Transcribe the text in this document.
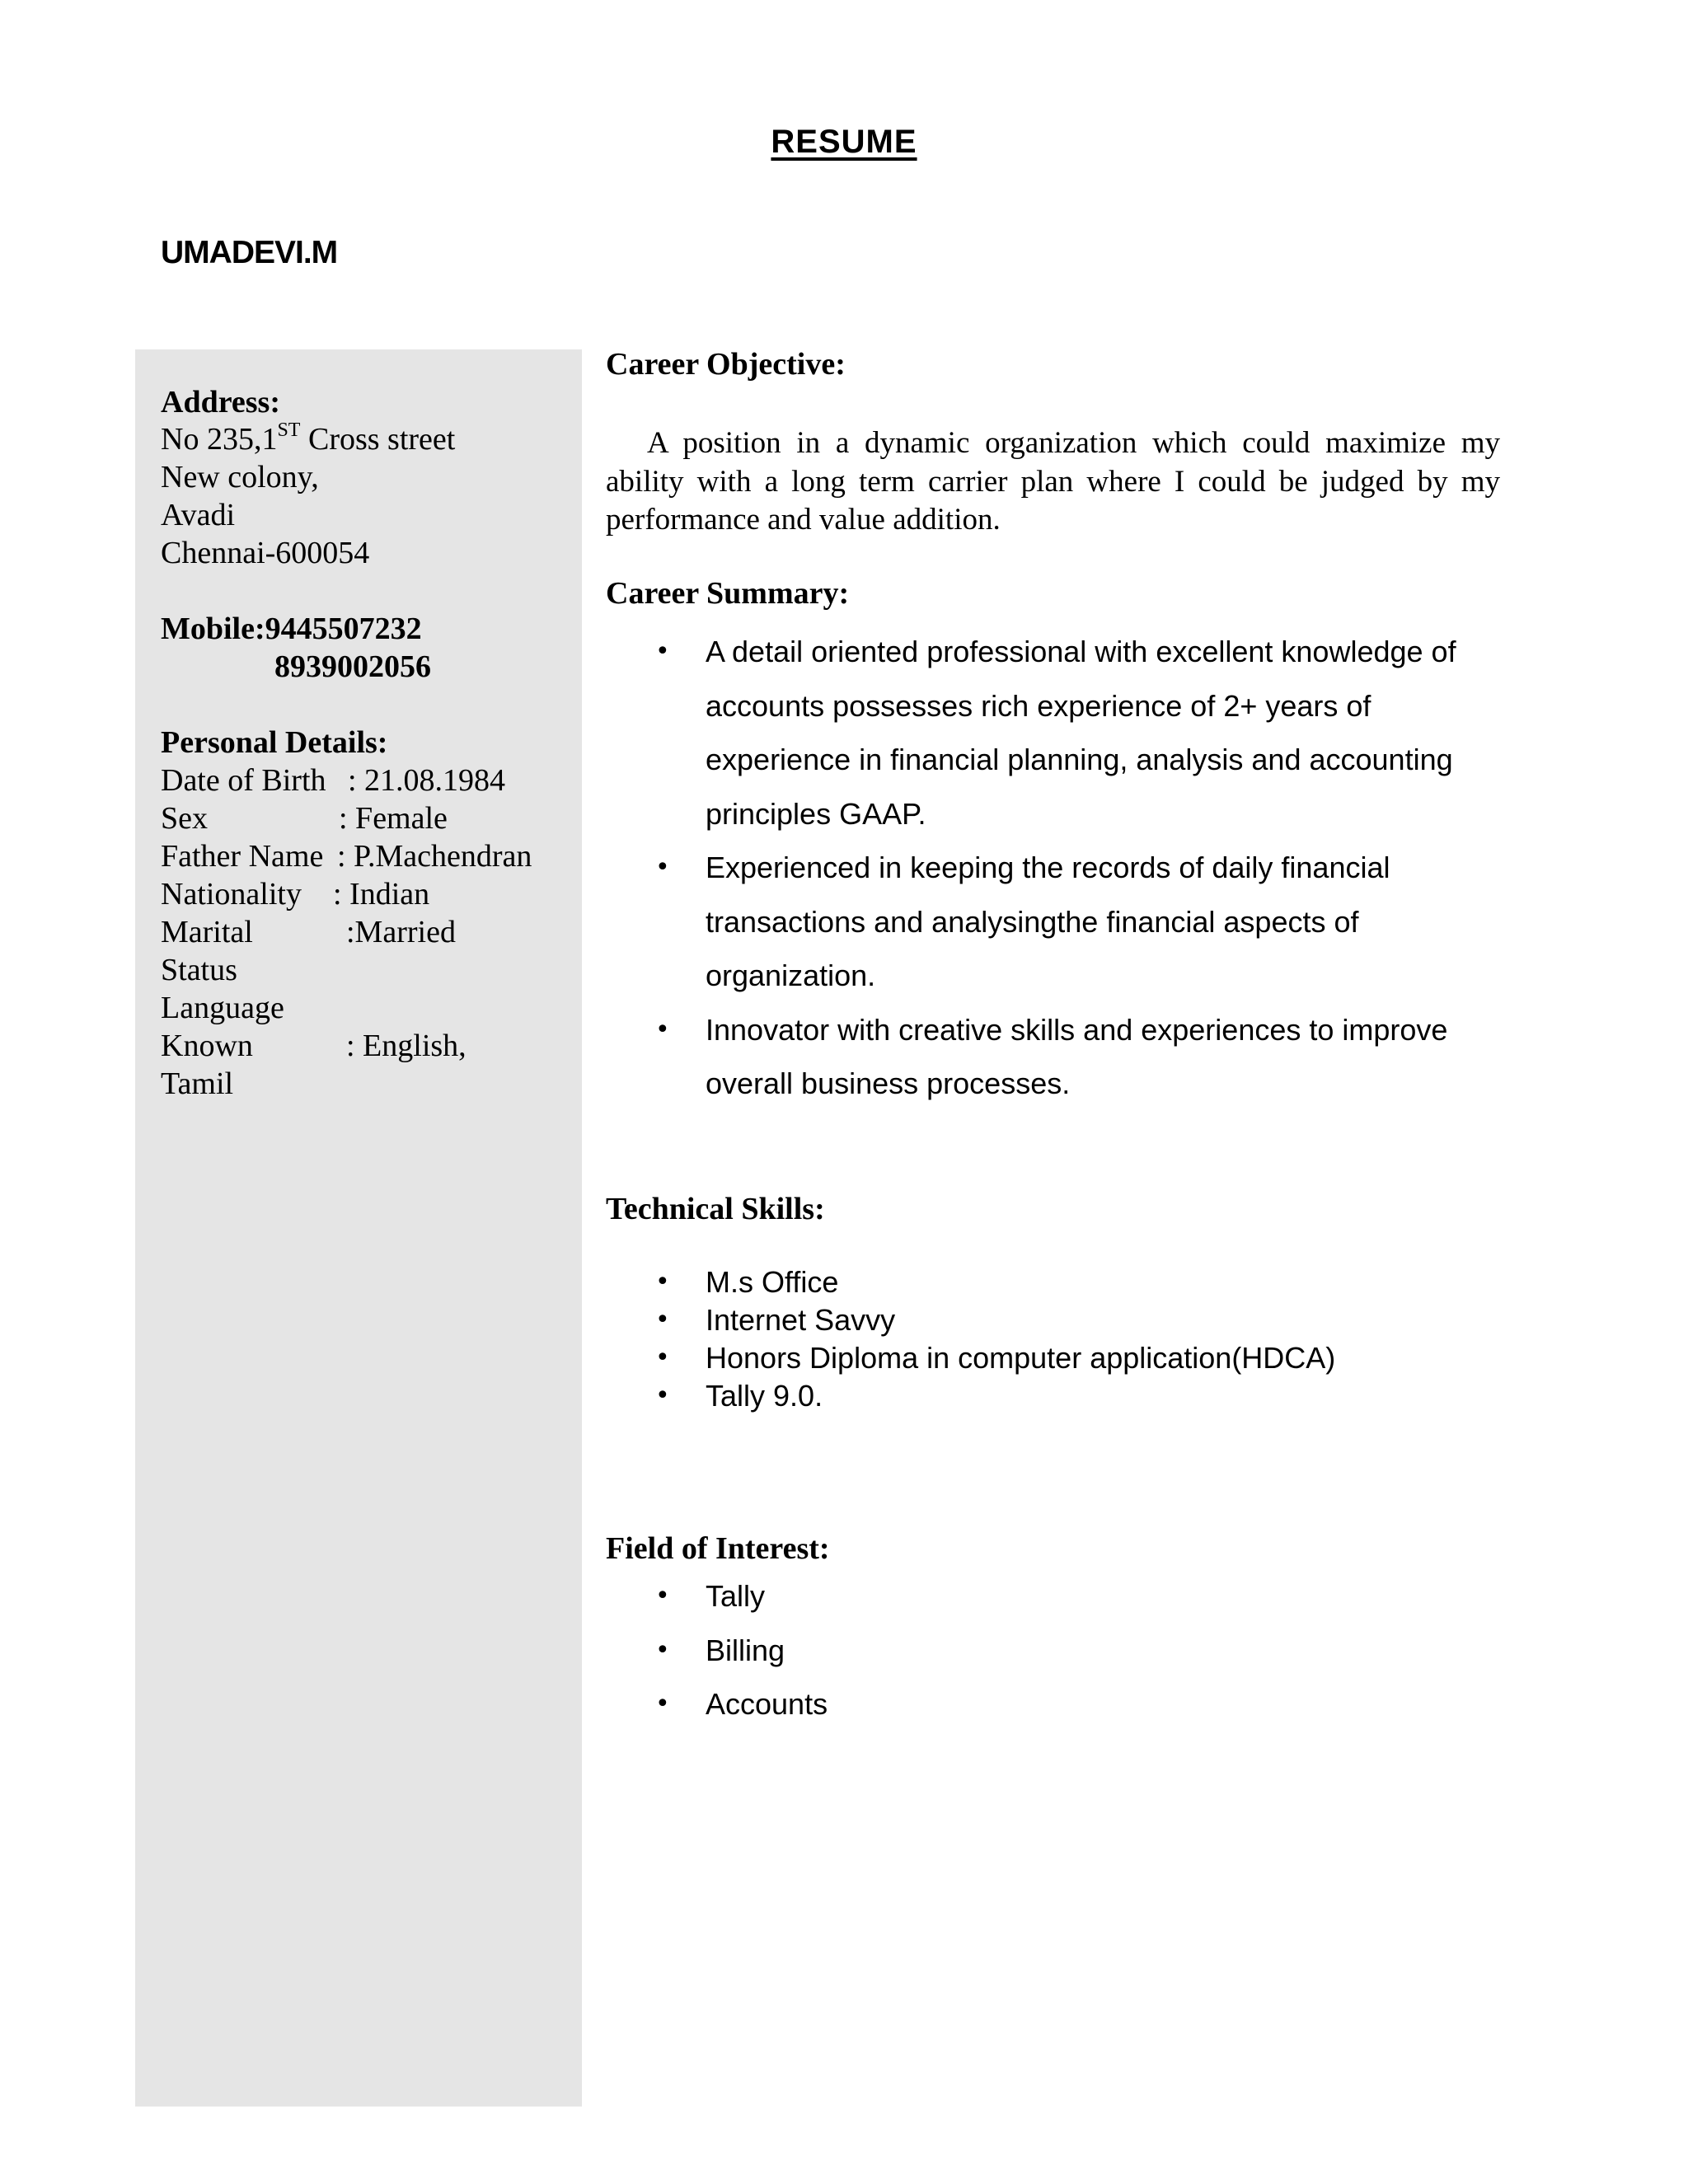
RESUME
UMADEVI.M
Address:
No 235,1ST Cross street
New colony,
Avadi
Chennai-600054
Mobile:9445507232
8939002056
Personal Details:
Date of Birth : 21.08.1984
Sex	: Female
Father Name : P.Machendran
Nationality : Indian
Marital	:Married
Status
Language
Known	: English,
Tamil
Career Objective:

A position in a dynamic organization which could maximize my ability with a long term carrier plan where I could be judged by my performance and value addition.

Career Summary:
• A detail oriented professional with excellent knowledge of accounts possesses rich experience of 2+ years of experience in financial planning, analysis and accounting principles GAAP.
• Experienced in keeping the records of daily financial transactions and analysingthe financial aspects of organization.
• Innovator with creative skills and experiences to improve overall business processes.
Technical Skills:
• M.s Office
• Internet Savvy
• Honors Diploma in computer application(HDCA)
• Tally 9.0.
Field of Interest:
• Tally
• Billing
• Accounts
